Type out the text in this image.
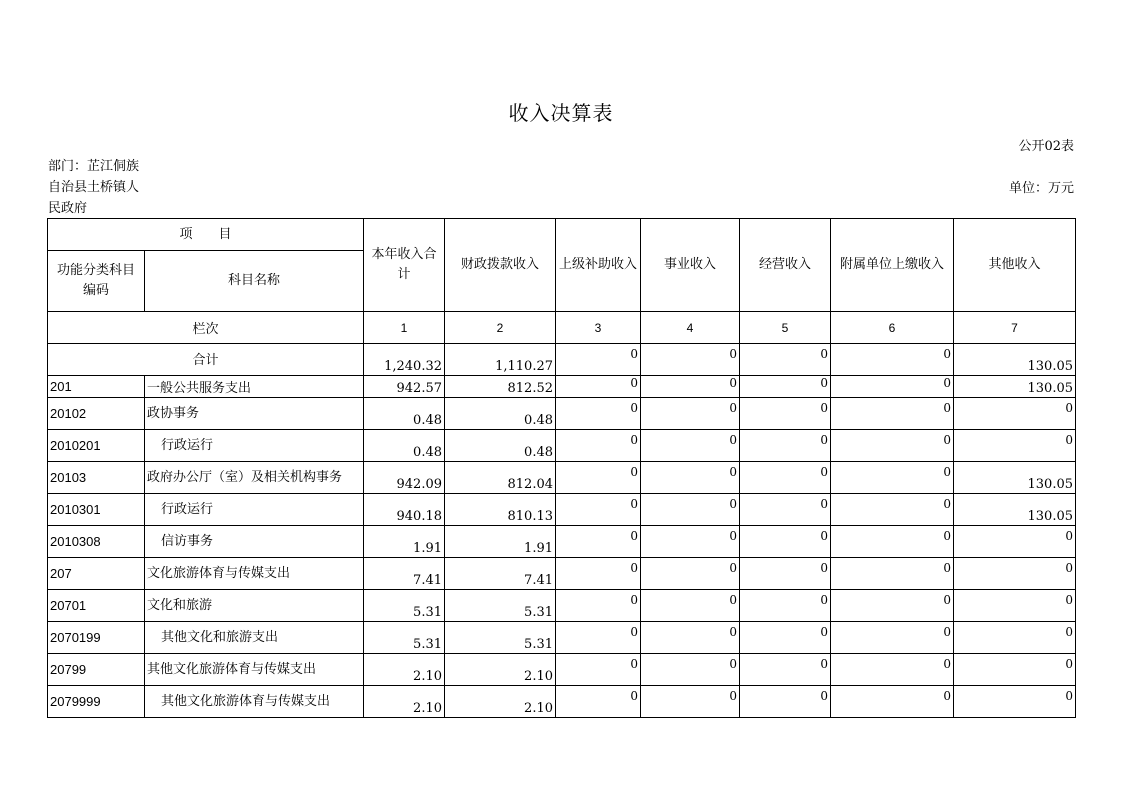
收入决算表
公开02表
部门：芷江侗族
自治县土桥镇人
民政府
单位：万元
项　　目		本年收入合计	财政拨款收入	上级补助收入	事业收入	经营收入	附属单位上缴收入	其他收入
功能分类科目编码	科目名称							
栏次		1	2	3	4	5	6	7
合计		1,240.32	1,110.27	0	0	0	0	130.05
201	一般公共服务支出	942.57	812.52	0	0	0	0	130.05
20102	政协事务	0.48	0.48	0	0	0	0	0
2010201	行政运行	0.48	0.48	0	0	0	0	0
20103	政府办公厅（室）及相关机构事务	942.09	812.04	0	0	0	0	130.05
2010301	行政运行	940.18	810.13	0	0	0	0	130.05
2010308	信访事务	1.91	1.91	0	0	0	0	0
207	文化旅游体育与传媒支出	7.41	7.41	0	0	0	0	0
20701	文化和旅游	5.31	5.31	0	0	0	0	0
2070199	其他文化和旅游支出	5.31	5.31	0	0	0	0	0
20799	其他文化旅游体育与传媒支出	2.10	2.10	0	0	0	0	0
2079999	其他文化旅游体育与传媒支出	2.10	2.10	0	0	0	0	0
